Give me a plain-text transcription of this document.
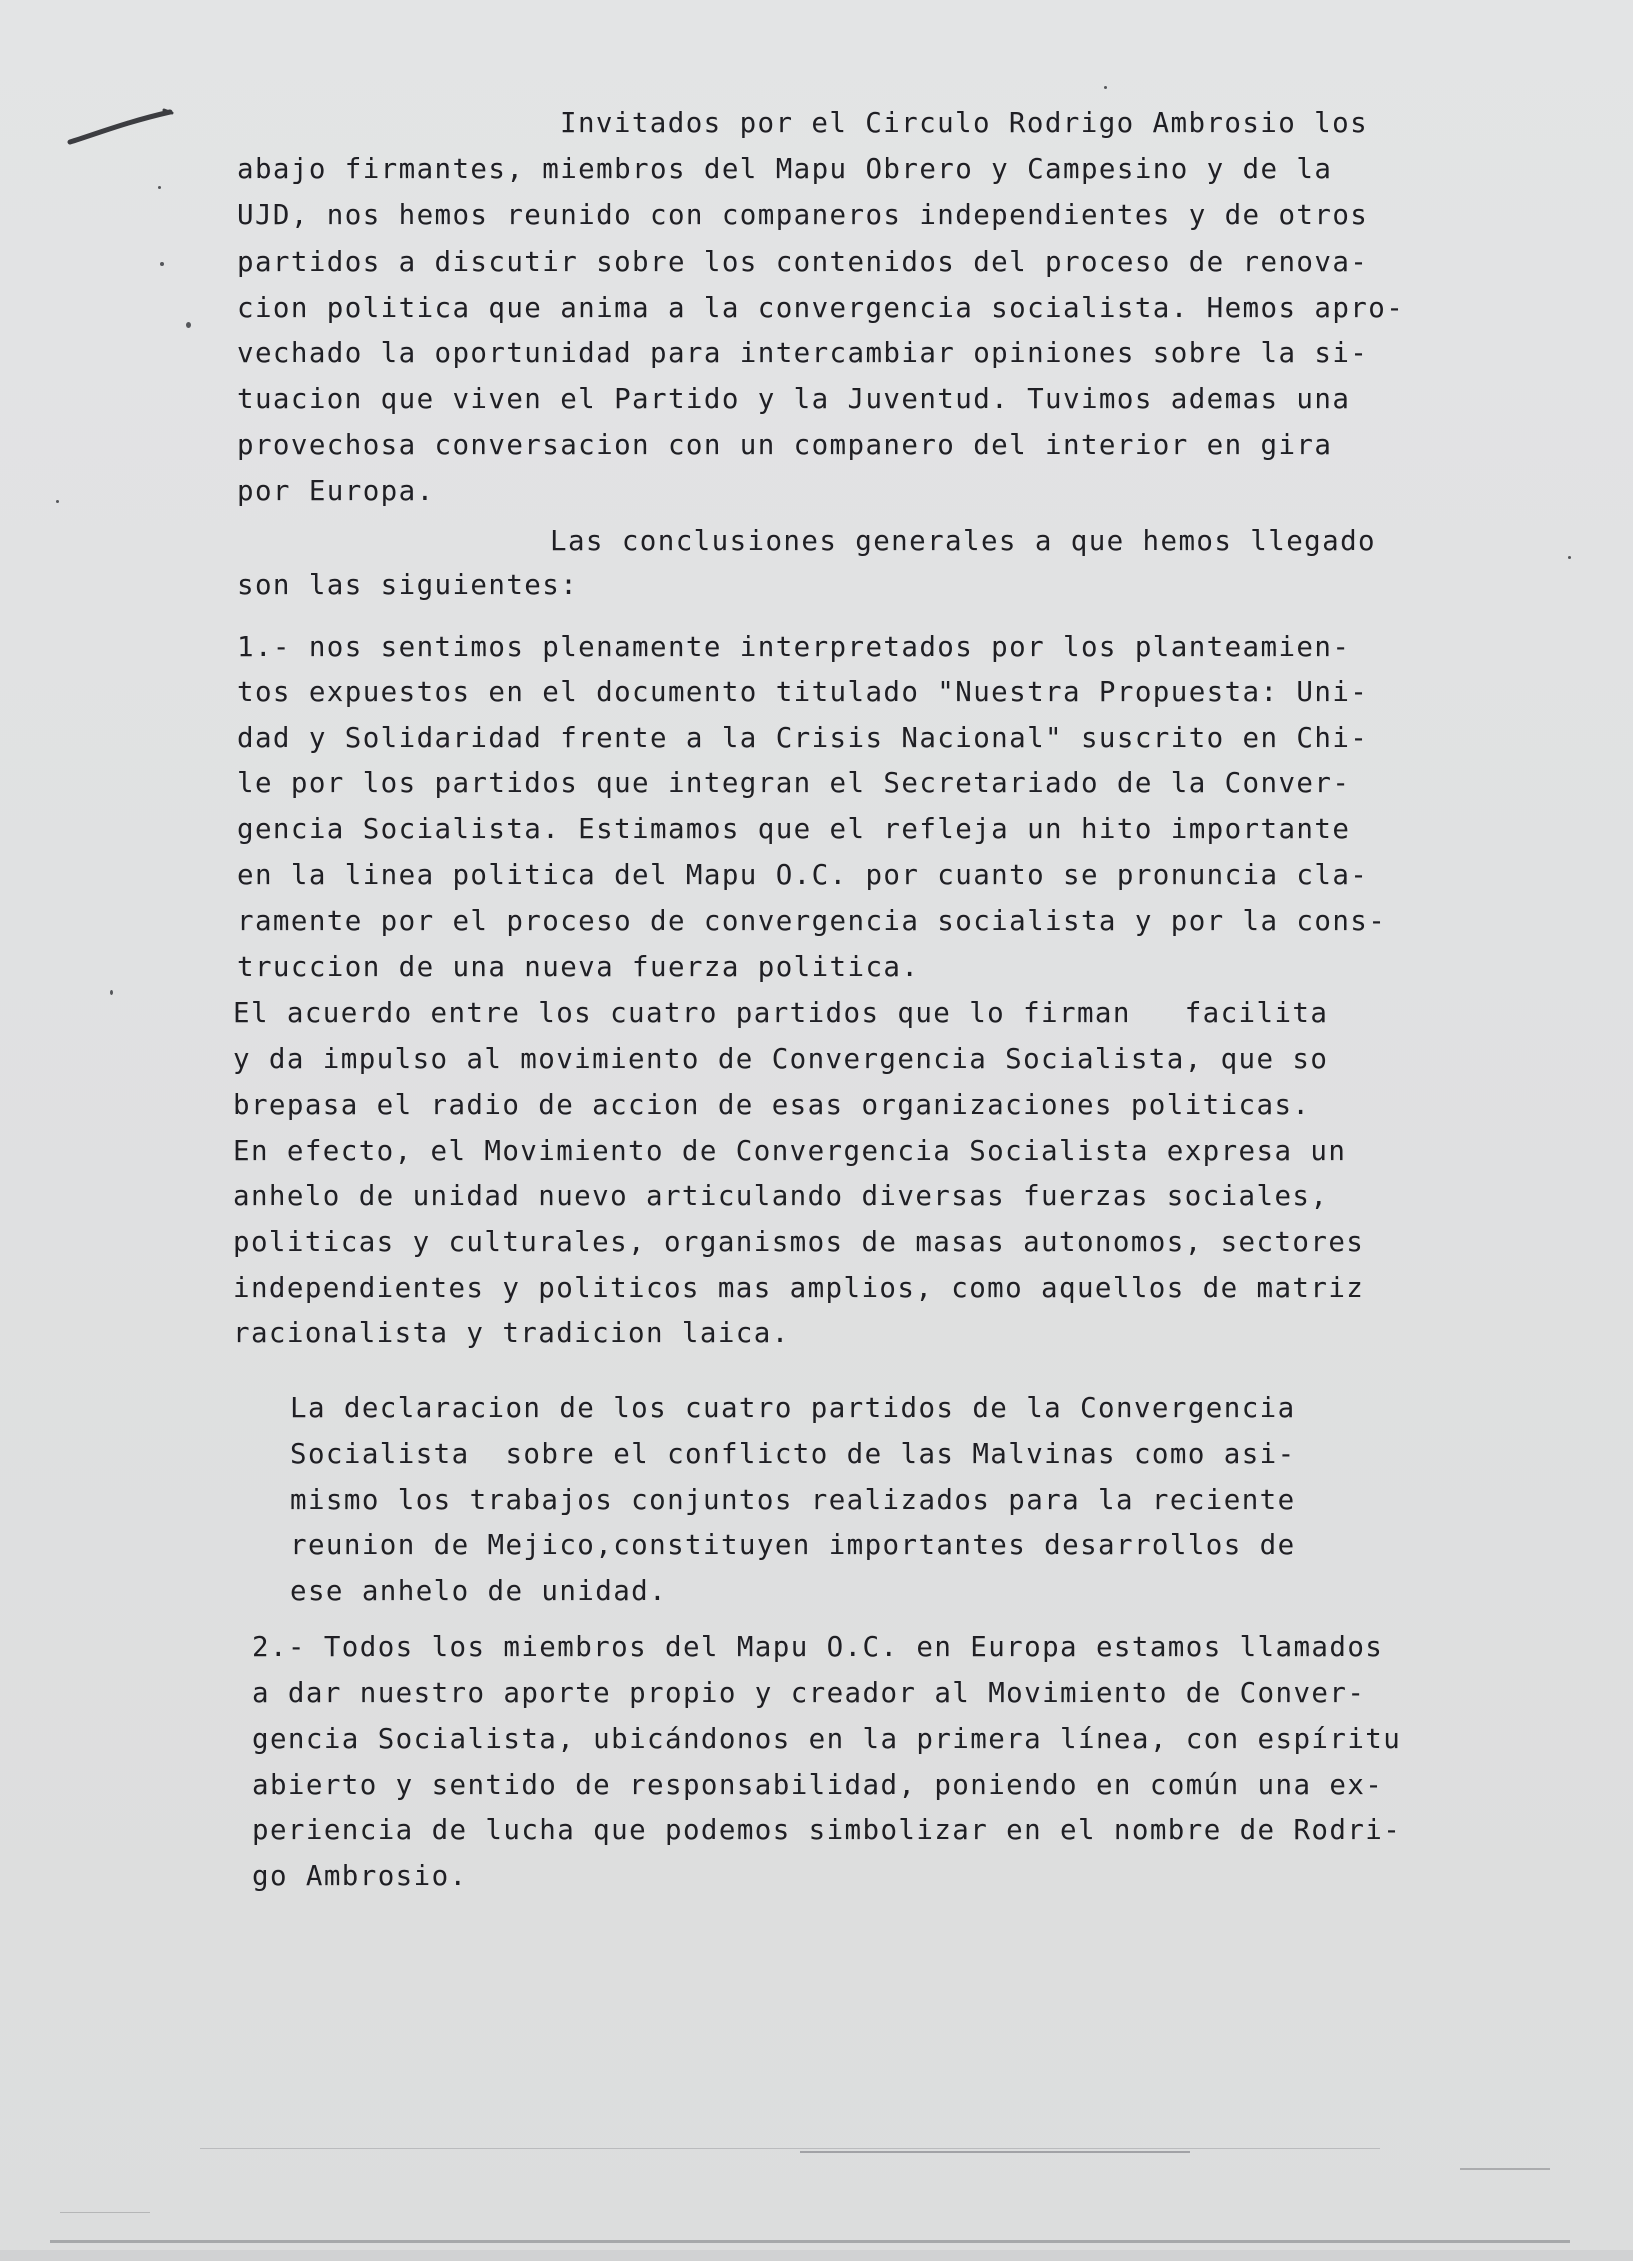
Invitados por el Circulo Rodrigo Ambrosio los

abajo firmantes, miembros del Mapu Obrero y Campesino y de la

UJD, nos hemos reunido con companeros independientes y de otros

partidos a discutir sobre los contenidos del proceso de renova-

cion politica que anima a la convergencia socialista. Hemos apro-

vechado la oportunidad para intercambiar opiniones sobre la si-

tuacion que viven el Partido y la Juventud. Tuvimos ademas una

provechosa conversacion con un companero del interior en gira

por Europa.

Las conclusiones generales a que hemos llegado

son las siguientes:

1.- nos sentimos plenamente interpretados por los planteamien-

tos expuestos en el documento titulado "Nuestra Propuesta: Uni-

dad y Solidaridad frente a la Crisis Nacional" suscrito en Chi-

le por los partidos que integran el Secretariado de la Conver-

gencia Socialista. Estimamos que el refleja un hito importante

en la linea politica del Mapu O.C. por cuanto se pronuncia cla-

ramente por el proceso de convergencia socialista y por la cons-

truccion de una nueva fuerza politica.

El acuerdo entre los cuatro partidos que lo firman   facilita

y da impulso al movimiento de Convergencia Socialista, que so

brepasa el radio de accion de esas organizaciones politicas.

En efecto, el Movimiento de Convergencia Socialista expresa un

anhelo de unidad nuevo articulando diversas fuerzas sociales,

politicas y culturales, organismos de masas autonomos, sectores

independientes y politicos mas amplios, como aquellos de matriz

racionalista y tradicion laica.

La declaracion de los cuatro partidos de la Convergencia

Socialista  sobre el conflicto de las Malvinas como asi-

mismo los trabajos conjuntos realizados para la reciente

reunion de Mejico,constituyen importantes desarrollos de

ese anhelo de unidad.

2.- Todos los miembros del Mapu O.C. en Europa estamos llamados

a dar nuestro aporte propio y creador al Movimiento de Conver-

gencia Socialista, ubicándonos en la primera línea, con espíritu

abierto y sentido de responsabilidad, poniendo en común una ex-

periencia de lucha que podemos simbolizar en el nombre de Rodri-

go Ambrosio.
